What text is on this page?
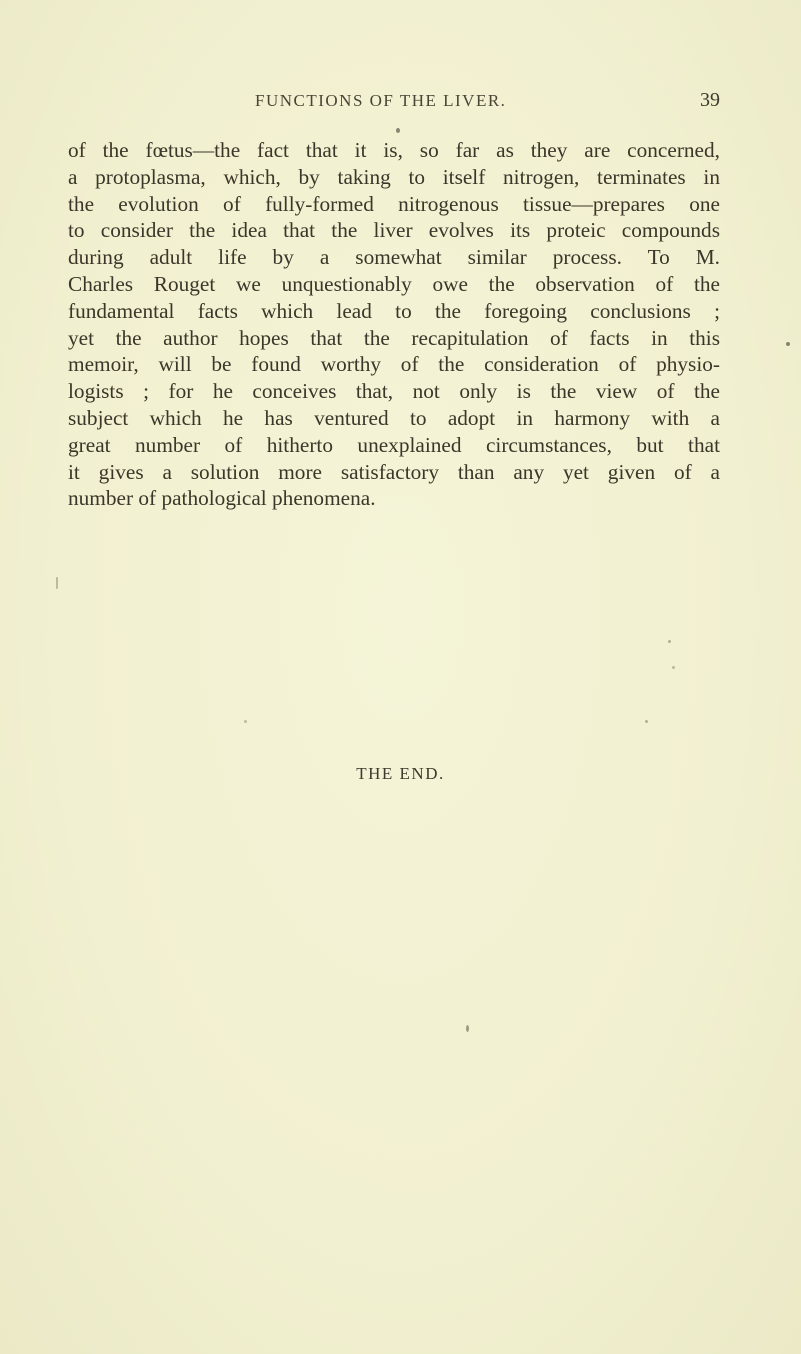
FUNCTIONS OF THE LIVER.	39
of the fœtus—the fact that it is, so far as they are concerned,
a protoplasma, which, by taking to itself nitrogen, terminates in
the evolution of fully-formed nitrogenous tissue—prepares one
to consider the idea that the liver evolves its proteic compounds
during adult life by a somewhat similar process. To M.
Charles Rouget we unquestionably owe the observation of the
fundamental facts which lead to the foregoing conclusions ;
yet the author hopes that the recapitulation of facts in this
memoir, will be found worthy of the consideration of physio-
logists ; for he conceives that, not only is the view of the
subject which he has ventured to adopt in harmony with a
great number of hitherto unexplained circumstances, but that
it gives a solution more satisfactory than any yet given of a
number of pathological phenomena.
THE END.
